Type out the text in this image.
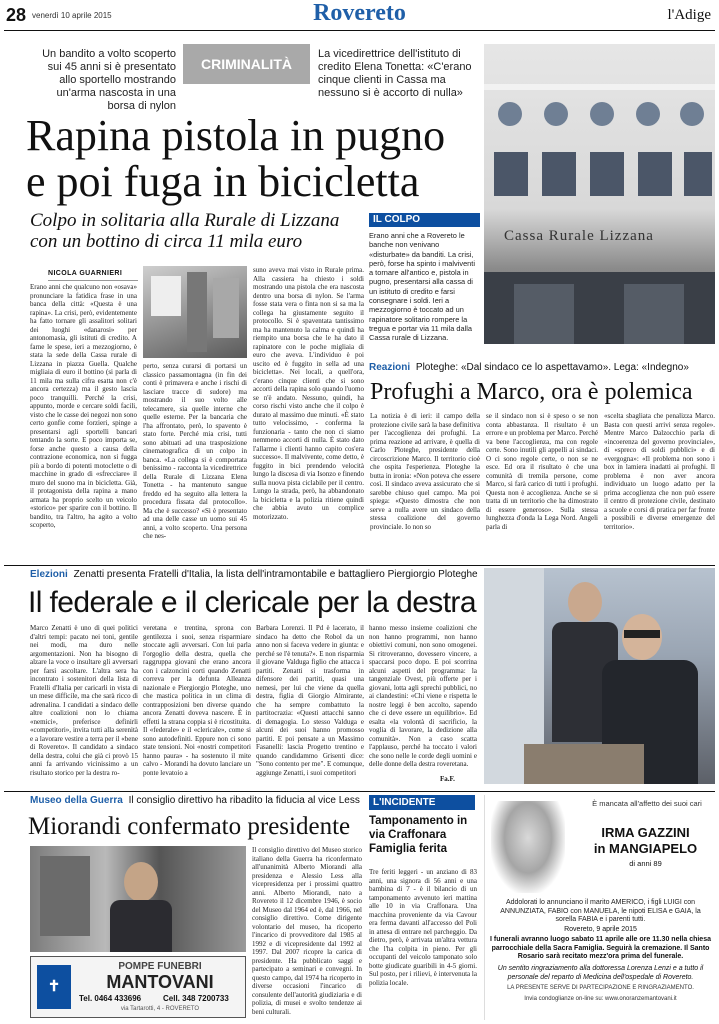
28 venerdì 10 aprile 2015	Rovereto	l'Adige
Un bandito a volto scoperto sui 45 anni si è presentato allo sportello mostrando un'arma nascosta in una borsa di nylon
CRIMINALITÀ
La vicedirettrice dell'istituto di credito Elena Tonetta: «C'erano cinque clienti in Cassa ma nessuno si è accorto di nulla»
Rapina pistola in pugno
e poi fuga in bicicletta
Colpo in solitaria alla Rurale di Lizzana
con un bottino di circa 11 mila euro	Cassa Rurale Lizzana
IL COLPO
Erano anni che a Rovereto le banche non venivano «disturbate» da banditi. La crisi, però, forse ha spinto i malviventi a tornare all'antico e, pistola in pugno, presentarsi alla cassa di un istituto di credito e farsi consegnare i soldi. Ieri a mezzogiorno è toccato ad un rapinatore solitario rompere la tregua e portar via 11 mila dalla Cassa rurale di Lizzana.
NICOLA GUARNIERI
Erano anni che qualcuno non «osava» pronunciare la fatidica frase in una banca della città: «Questa è una rapina». La crisi, però, evidentemente ha fatto tornare gli assalitori solitari dei luoghi «danarosi» per antonomasia, gli istituti di credito. A farne le spese, ieri a mezzogiorno, è stata la sede della Cassa rurale di Lizzana in piazza Guella. Qualche migliaia di euro il bottino (si parla di 11 mila ma sulla cifra esatta non c'è ancora certezza) ma il gesto lascia poco tranquilli. Perché la crisi, appunto, morde e cercare soldi facili, visto che le casse dei negozi non sono certo gonfie come forzieri, spinge a presentarsi agli sportelli bancari tentando la sorte. E poco importa se, forse anche questo a causa della contrazione economica, non si fugga più a bordo di potenti motoclette o di macchine in grado di «sfrecciare» il muro del suono ma in bicicletta. Già, il protagonista della rapina a mano armata ha proprio scelto un veicolo «storico» per sparire con il bottino. Il bandito, tra l'altro, ha agito a volto scoperto,
perto, senza curarsi di portarsi un classico passamontagna (in fin dei conti è primavera e anche i rischi di lasciare tracce di sudore) ma mostrando il suo volto alle telecamere, sia quelle interne che quelle esterne. Per la bancaria che l'ha affrontato, però, lo spavento è stato forte. Perché mia crisi, tutti sono abituati ad una trasposizione cinematografica di un colpo in banca. «La collega si è comportata benissimo - racconta la vicedirettrice della Rurale di Lizzana Elena Tonetta - ha mantenuto sangue freddo ed ha seguito alla lettera la procedura fissata dal protocollo». Ma che è successo? «Si è presentato ad una delle casse un uomo sui 45 anni, a volto scoperto. Una persona che nes-
suno aveva mai visto in Rurale prima. Alla cassiera ha chiesto i soldi mostrando una pistola che era nascosta dentro una borsa di nylon. Se l'arma fosse stata vera o finta non si sa ma la collega ha giustamente seguito il protocollo. Si è spaventata tantissimo ma ha mantenuto la calma e quindi ha riempito una borsa che le ha dato il rapinatore con le poche migliaia di euro che aveva. L'individuo è poi uscito ed è fuggito in sella ad una bicicletta». Nei locali, a quell'ora, c'erano cinque clienti che si sono accorti della rapina solo quando l'uomo se n'è andato. Nessuno, quindi, ha corso rischi visto anche che il colpo è durato al massimo due minuti. «È stato tutto velocissimo, - conferma la funzionaria - tanto che non ci siamo nemmeno accorti di nulla. È stato dato l'allarme i clienti hanno capito cos'era successo». Il malvivente, come detto, è fuggito in bici prendendo velocità lungo la discesa di via Isonzo e finendo sulla nuova pista ciclabile per il centro. Lungo la strada, però, ha abbandonato la bicicletta e la polizia ritiene quindi che abbia avuto un complice motorizzato.
Reazioni Ploteghe: «Dal sindaco ce lo aspettavamo». Lega: «Indegno»
Profughi a Marco, ora è polemica
La notizia è di ieri: il campo della protezione civile sarà la base definitiva per l'accoglienza dei profughi. La prima reazione ad arrivare, è quella di Carlo Ploteghe, presidente della circoscrizione Marco. Il territorio cioè che ospita l'esperienza. Ploteghe la butta in ironia: «Non poteva che essere così. Il sindaco aveva assicurato che si sarebbe chiuso quel campo. Ma poi spiega: «Questo dimostra che non serve a nulla avere un sindaco della stessa coalizione del governo provinciale. Io non so
se il sindaco non si è speso o se non conta abbastanza. Il risultato è un errore e un problema per Marco. Perché va bene l'accoglienza, ma con regole certe. Sono inutili gli appelli ai sindaci. O ci sono regole certe, o non se ne esce. Ed ora il risultato è che una comunità di tremila persone, come Marco, si farà carico di tutti i profughi. Questa non è accoglienza. Anche se si tratta di un territorio che ha dimostrato di essere generoso». Sulla stessa lunghezza d'onda la Lega Nord. Angeli parla di
«scelta sbagliata che penalizza Marco. Basta con questi arrivi senza regole». Mentre Marco Dalzocchio parla di «incoerenza del governo provinciale», di «spreco di soldi pubblici» e di «vergogna»: «Il problema non sono i box in lamiera inadatti ai profughi. Il problema è non aver ancora individuato un luogo adatto per la prima accoglienza che non può essere il centro di protezione civile, destinato a scuole e corsi di pratica per far fronte a possibili e diverse emergenze del territorio».
Elezioni Zenatti presenta Fratelli d'Italia, la lista dell'intramontabile e battagliero Piergiorgio Ploteghe
Il federale e il clericale per la destra
Marco Zenatti è uno di quei politici d'altri tempi: pacato nei toni, gentile nei modi, ma duro nelle argomentazioni. Non ha bisogno di alzare la voce o insultare gli avversari per farsi ascoltare. L'altra sera ha incontrato i sostenitori della lista di Fratelli d'Italia per caricarli in vista di un mese difficile, ma che sarà ricco di adrenalina. I candidati a sindaco delle altre coalizioni non lo chiama «nemici», preferisce definirli «competitori», invita tutti alla serenità e a lavorare vestire a terra per il «bene di Rovereto». Il candidato a sindaco della destra, colui che già ci provò 15 anni fa arrivando vicinissimo a un risultato storico per la destra ro-
veretana e trentina, sprona con gentilezza i suoi, senza risparmiare stoccate agli avversari. Con lui parla l'orgoglio della destra, quella che raggruppa giovani che erano ancora con i calzoncini corti quando Zenatti correva per la defunta Alleanza nazionale e Piergiorgio Ploteghe, uno che mastica politica in un clima di contrapposizioni ben diverse quando ancora Zenatti doveva nascere. È in effetti la strana coppia si è ricostituita. Il «federale» e il «clericale», come si sono autodefiniti. Eppure non ci sono state tensioni. Noi «nostri competitori hanno paura» - ha sostenuto il mite calvo - Morandi ha dovuto lanciare un ponte levatoio a
Barbara Lorenzi. Il Pd è lacerato, il sindaco ha detto che Robol da un anno non si faceva vedere in giunta: e perché se l'è tenuta?». E non risparmia il giovane Valduga figlio che attacca i partiti. Zenatti si trasforma in difensore dei partiti, quasi una nemesi, per lui che viene da quella destra, figlia di Giorgio Almirante, che ha sempre combattuto la partitocrazia: «Questi attacchi sanno di demagogia. Lo stesso Valduga e alcuni dei suoi hanno promosso partiti. E poi pensate a un Massimo Fasanelli: lascia Progetto trentino e quando candidammo Grisenti dice: "Sono contento per me". E comunque, aggiunge Zenatti, i suoi competitori
hanno messo insieme coalizioni che non hanno programmi, non hanno obiettivi comuni, non sono omogenei. Si ritroveranno, dovessero vincere, a spaccarsi poco dopo. E poi scorrina alcuni aspetti del programma: la tangenziale Ovest, più offerte per i giovani, lotta agli sprechi pubblici, no ai clandestini: «Chi viene e rispetta le nostre leggi è ben accolto, sapendo che ci deve essere un equilibrio». Ed esalta «la volontà di sacrificio, la voglia di lavorare, la dedizione alla comunità». Non a caso scatta l'applauso, perché ha toccato i valori che sono nelle le corde degli uomini e delle donne della destra roveretana.
Fa.F.
Museo della Guerra Il consiglio direttivo ha ribadito la fiducia al vice Less
Miorandi confermato presidente
Il consiglio direttivo del Museo storico italiano della Guerra ha riconfermato all'unanimità Alberto Miorandi alla presidenza e Alessio Less alla vicepresidenza per i prossimi quattro anni. Alberto Miorandi, nato a Rovereto il 12 dicembre 1946, è socio del Museo dal 1964 ed è, dal 1966, nel consiglio direttivo. Come dirigente volontario del museo, ha ricoperto l'incarico di provveditore dal 1985 al 1992 e di vicepresidente dal 1992 al 1997. Dal 2007 ricopre la carica di presidente. Ha pubblicato saggi e partecipato a seminari e convegni. In questo campo, dal 1974 ha ricoperto in diverse occasioni l'incarico di consulente dell'autorità giudiziaria e di polizia, di musei e svolto tendenze ai beni culturali.
✝
POMPE FUNEBRI
MANTOVANI
Tel. 0464 433696	Cell. 348 7200733
via Tartarotti, 4 - ROVERETO
L'INCIDENTE
Tamponamento in via Craffonara Famiglia ferita
Tre feriti leggeri - un anziano di 83 anni, una signora di 56 anni e una bambina di 7 - è il bilancio di un tamponamento avvenuto ieri mattina alle 10 in via Craffonara. Una macchina proveniente da via Cavour era ferma davanti all'accesso del Poli in attesa di entrare nel parcheggio. Da dietro, però, è arrivata un'altra vettura che l'ha colpita in pieno. Per gli occupanti del veicolo tamponato solo botte giudicate guaribili in 4-5 giorni. Sul posto, per i rilievi, è intervenuta la polizia locale.
È mancata all'affetto dei suoi cari
IRMA GAZZINI
in MANGIAPELO
di anni 89
Addolorati lo annunciano il marito AMERICO, i figli LUIGI con ANNUNZIATA, FABIO con MANUELA, le nipoti ELISA e GAIA, la sorella FABIA e i parenti tutti.
Rovereto, 9 aprile 2015
I funerali avranno luogo sabato 11 aprile alle ore 11.30 nella chiesa parrocchiale della Sacra Famiglia. Seguirà la cremazione. Il Santo Rosario sarà recitato mezz'ora prima del funerale.
Un sentito ringraziamento alla dottoressa Lorenza Lenzi e a tutto il personale del reparto di Medicina dell'ospedale di Rovereto.
LA PRESENTE SERVE DI PARTECIPAZIONE E RINGRAZIAMENTO.
Invia condoglianze on-line su: www.onoranzemantovani.it
